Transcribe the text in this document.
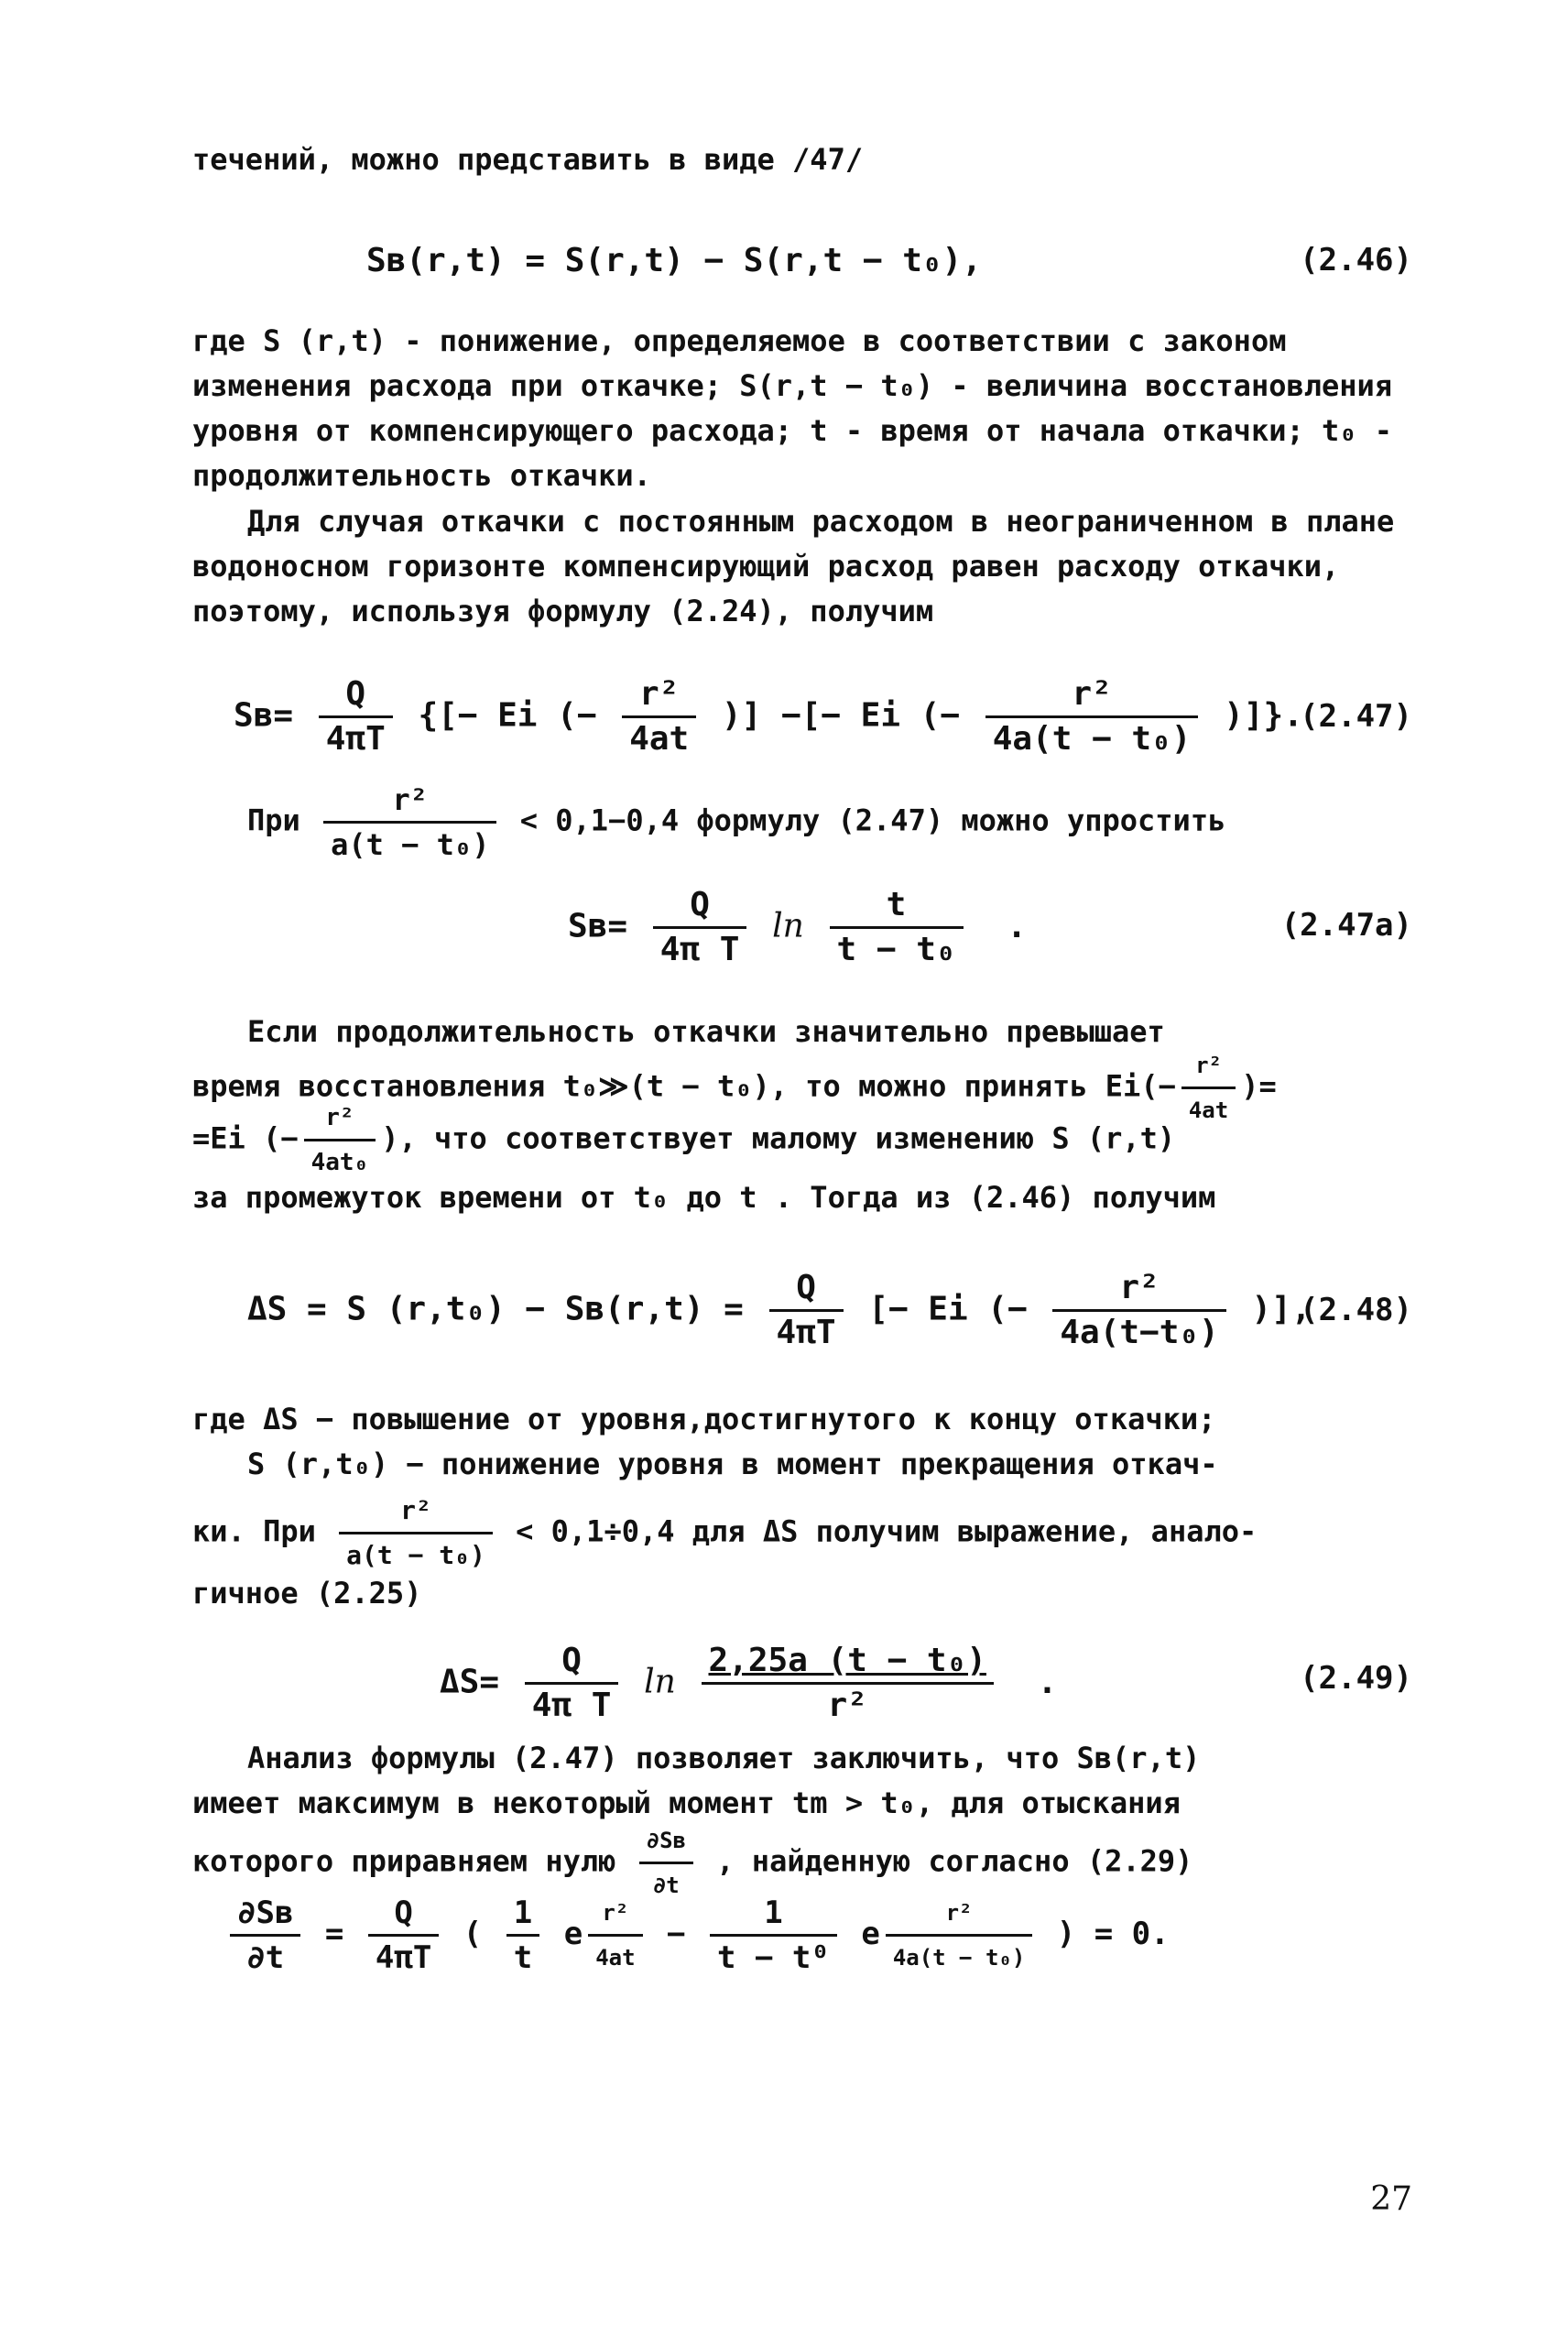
течений, можно представить в виде /47/

Sв(r,t) = S(r,t) − S(r,t − t₀),	(2.46)

где S (r,t) - понижение, определяемое в соответствии с законом изменения расхода при откачке; S(r,t − t₀) - величина восстановления уровня от компенсирующего расхода; t - время от начала откачки; t₀ - продолжительность откачки.

Для случая откачки с постоянным расходом в неограниченном в плане водоносном горизонте компенсирующий расход равен расходу откачки, поэтому, используя формулу (2.24), получим

$Sв= \frac{Q}{4\pi T}$ {[− Ei (− $\frac{\text{r²}}{4at}$ )] −[− Ei (− $\frac{\text{r²}}{\text{4a(t − t₀)}}$ )]}.
(2.47)
При $\frac{\text{r²}}{\text{a(t − t₀)}} < 0,1-0,4$ формулу (2.47) можно упростить
$Sв= \frac{Q}{\text{4π T}}$ $\ln \frac{t}{\text{t − t₀}}$ .	(2.47а)
Если продолжительность откачки значительно превышает
время восстановления t₀≫(t − t₀), то можно принять $Ei(- \frac{\text{r²}}{4at}$ )=
=Ei (− $\frac{\text{r²}}{\text{4at₀}}$ ), что соответствует малому изменению S (r,t)
за промежуток времени от t₀ до t . Тогда из (2.46) получим
ΔS = S $(r,t_0) - Sв(r,t) = \frac{Q}{4\pi T}$ [− Ei (− $\frac{\text{r²}}{\text{4a(t−t₀)}}$ )],
(2.48)
где ΔS − повышение от уровня,достигнутого к концу откачки;
S (r,t₀) − понижение уровня в момент прекращения откач-
ки. При $\frac{\text{r²}}{\text{a(t − t₀)}} < 0,1\div 0,4$ для ΔS получим выражение, анало-
гичное (2.25)
$\Delta S= \frac{Q}{\text{4π T}}$ $\ln \frac{\text{2,25a (t − t₀)}}{\text{r²}}$ .	(2.49)
Анализ формулы (2.47) позволяет заключить, что Sв(r,t)
имеет максимум в некоторый момент tm > t₀, для отыскания
которого приравняем нулю $\frac{\partial Sв}{\partial t}$ , найденную согласно (2.29)
$\frac{\partial Sв}{\partial t} = \frac{Q}{4\pi T}$ ( $\frac{1}{t}$ e $\frac{\text{r²}}{4at} - \frac{1}{\text{t − t⁰}}$ e $\frac{\text{r²}}{\text{4a(t − t₀)}}$ ) = 0.
27
